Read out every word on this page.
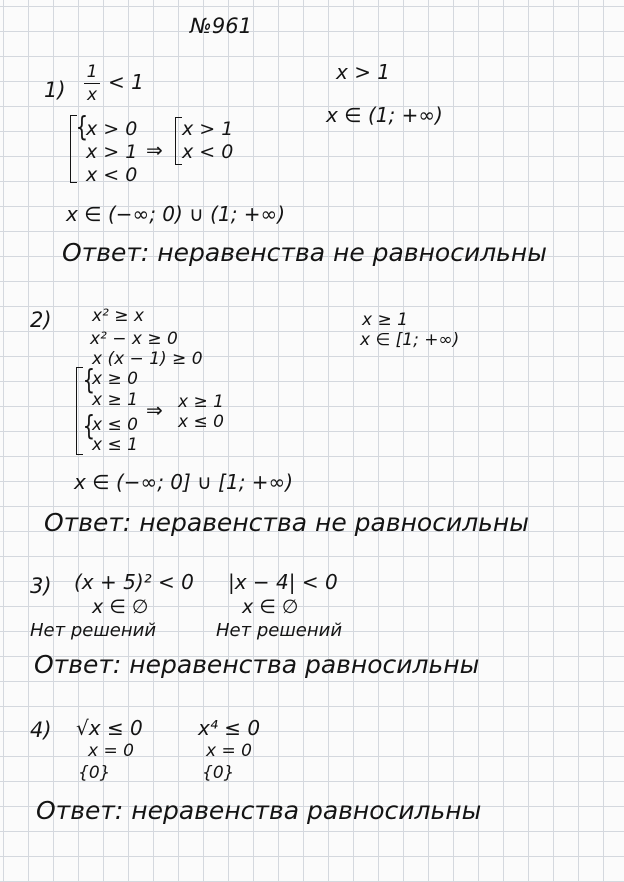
№961
$1) \frac{1}{x} < 1$
{
x > 0
x > 1
x < 0
⇒
x > 1
x < 0
x ∈ (−∞; 0) ∪ (1; +∞)
x > 1
x ∈ (1; +∞)
Ответ: неравенства не равносильны
2) x² ≥ x
x² − x ≥ 0
x (x − 1) ≥ 0
{
x ≥ 0
x ≥ 1
{
x ≤ 0
x ≤ 1
⇒ x ≥ 1
x ≤ 0
x ∈ (−∞; 0] ∪ [1; +∞)
x ≥ 1
x ∈ [1; +∞)
Ответ: неравенства не равносильны
3) (x + 5)² < 0
x ∈ ∅
Нет решений
|x − 4| < 0
x ∈ ∅
Нет решений
Ответ: неравенства равносильны
4) √x ≤ 0
x = 0
{0}
x⁴ ≤ 0
x = 0
{0}
Ответ: неравенства равносильны
